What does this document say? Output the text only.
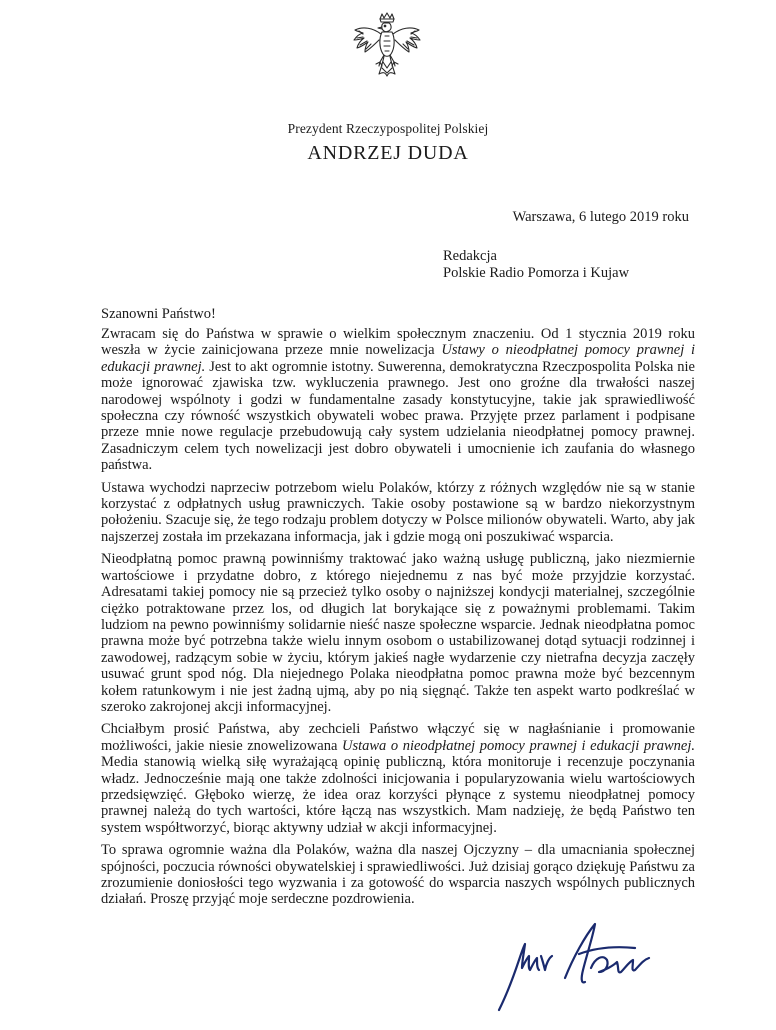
Prezydent Rzeczypospolitej Polskiej
ANDRZEJ DUDA
Warszawa, 6 lutego 2019 roku
Redakcja
Polskie Radio Pomorza i Kujaw
Szanowni Państwo!

Zwracam się do Państwa w sprawie o wielkim społecznym znaczeniu. Od 1 stycznia 2019 roku weszła w życie zainicjowana przeze mnie nowelizacja Ustawy o nieodpłatnej pomocy prawnej i edukacji prawnej. Jest to akt ogromnie istotny. Suwerenna, demokratyczna Rzeczpospolita Polska nie może ignorować zjawiska tzw. wykluczenia prawnego. Jest ono groźne dla trwałości naszej narodowej wspólnoty i godzi w fundamentalne zasady konstytucyjne, takie jak sprawiedliwość społeczna czy równość wszystkich obywateli wobec prawa. Przyjęte przez parlament i podpisane przeze mnie nowe regulacje przebudowują cały system udzielania nieodpłatnej pomocy prawnej. Zasadniczym celem tych nowelizacji jest dobro obywateli i umocnienie ich zaufania do własnego państwa.

Ustawa wychodzi naprzeciw potrzebom wielu Polaków, którzy z różnych względów nie są w stanie korzystać z odpłatnych usług prawniczych. Takie osoby postawione są w bardzo niekorzystnym położeniu. Szacuje się, że tego rodzaju problem dotyczy w Polsce milionów obywateli. Warto, aby jak najszerzej została im przekazana informacja, jak i gdzie mogą oni poszukiwać wsparcia.

Nieodpłatną pomoc prawną powinniśmy traktować jako ważną usługę publiczną, jako niezmiernie wartościowe i przydatne dobro, z którego niejednemu z nas być może przyjdzie korzystać. Adresatami takiej pomocy nie są przecież tylko osoby o najniższej kondycji materialnej, szczególnie ciężko potraktowane przez los, od długich lat borykające się z poważnymi problemami. Takim ludziom na pewno powinniśmy solidarnie nieść nasze społeczne wsparcie. Jednak nieodpłatna pomoc prawna może być potrzebna także wielu innym osobom o ustabilizowanej dotąd sytuacji rodzinnej i zawodowej, radzącym sobie w życiu, którym jakieś nagłe wydarzenie czy nietrafna decyzja zaczęły usuwać grunt spod nóg. Dla niejednego Polaka nieodpłatna pomoc prawna może być bezcennym kołem ratunkowym i nie jest żadną ujmą, aby po nią sięgnąć. Także ten aspekt warto podkreślać w szeroko zakrojonej akcji informacyjnej.

Chciałbym prosić Państwa, aby zechcieli Państwo włączyć się w nagłaśnianie i promowanie możliwości, jakie niesie znowelizowana Ustawa o nieodpłatnej pomocy prawnej i edukacji prawnej. Media stanowią wielką siłę wyrażającą opinię publiczną, która monitoruje i recenzuje poczynania władz. Jednocześnie mają one także zdolności inicjowania i popularyzowania wielu wartościowych przedsięwzięć. Głęboko wierzę, że idea oraz korzyści płynące z systemu nieodpłatnej pomocy prawnej należą do tych wartości, które łączą nas wszystkich. Mam nadzieję, że będą Państwo ten system współtworzyć, biorąc aktywny udział w akcji informacyjnej.

To sprawa ogromnie ważna dla Polaków, ważna dla naszej Ojczyzny – dla umacniania społecznej spójności, poczucia równości obywatelskiej i sprawiedliwości. Już dzisiaj gorąco dziękuję Państwu za zrozumienie doniosłości tego wyzwania i za gotowość do wsparcia naszych wspólnych publicznych działań. Proszę przyjąć moje serdeczne pozdrowienia.
